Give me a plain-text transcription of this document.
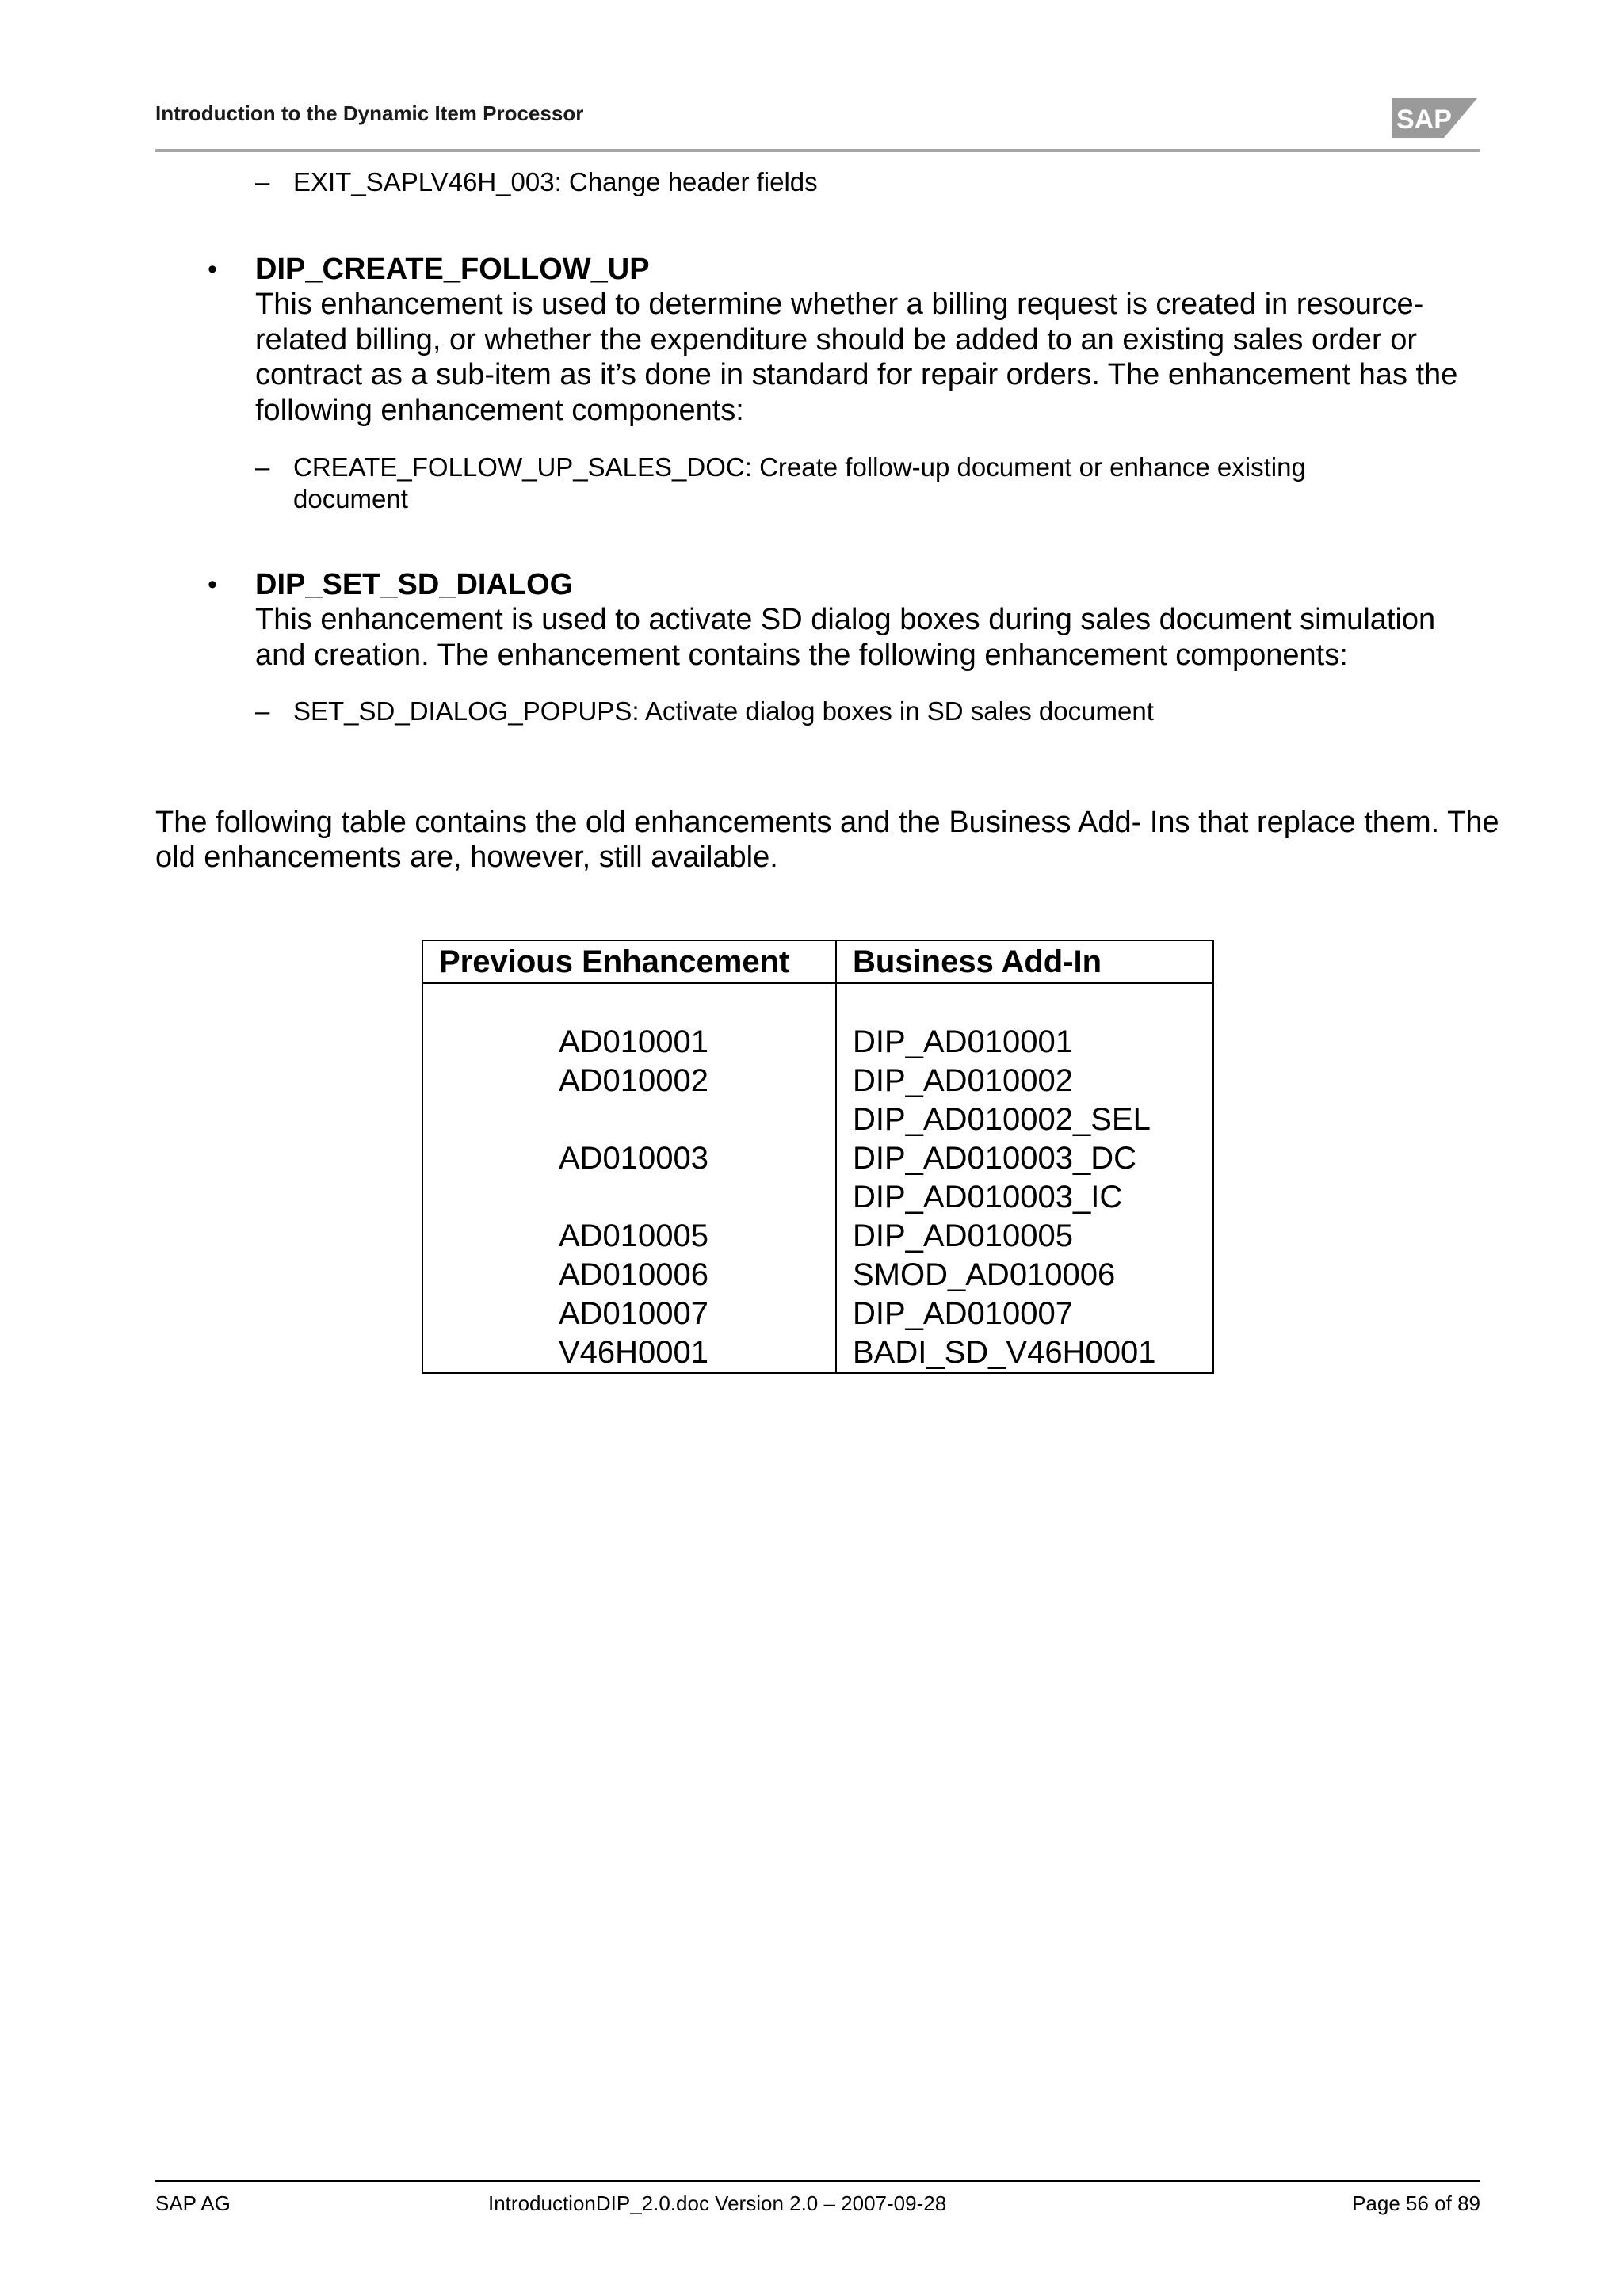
Introduction to the Dynamic Item Processor	SAP
– EXIT_SAPLV46H_003: Change header fields
• DIP_CREATE_FOLLOW_UP
This enhancement is used to determine whether a billing request is created in resource-related billing, or whether the expenditure should be added to an existing sales order or contract as a sub-item as it’s done in standard for repair orders. The enhancement has the following enhancement components:
– CREATE_FOLLOW_UP_SALES_DOC: Create follow-up document or enhance existing document
• DIP_SET_SD_DIALOG
This enhancement is used to activate SD dialog boxes during sales document simulation and creation. The enhancement contains the following enhancement components:
– SET_SD_DIALOG_POPUPS: Activate dialog boxes in SD sales document
The following table contains the old enhancements and the Business Add- Ins that replace them. The old enhancements are, however, still available.
Previous Enhancement	Business Add-In

AD010001	DIP_AD010001
AD010002	DIP_AD010002
	DIP_AD010002_SEL
AD010003	DIP_AD010003_DC
	DIP_AD010003_IC
AD010005	DIP_AD010005
AD010006	SMOD_AD010006
AD010007	DIP_AD010007
V46H0001	BADI_SD_V46H0001
SAP AG	IntroductionDIP_2.0.doc Version 2.0 – 2007-09-28	Page 56 of 89
